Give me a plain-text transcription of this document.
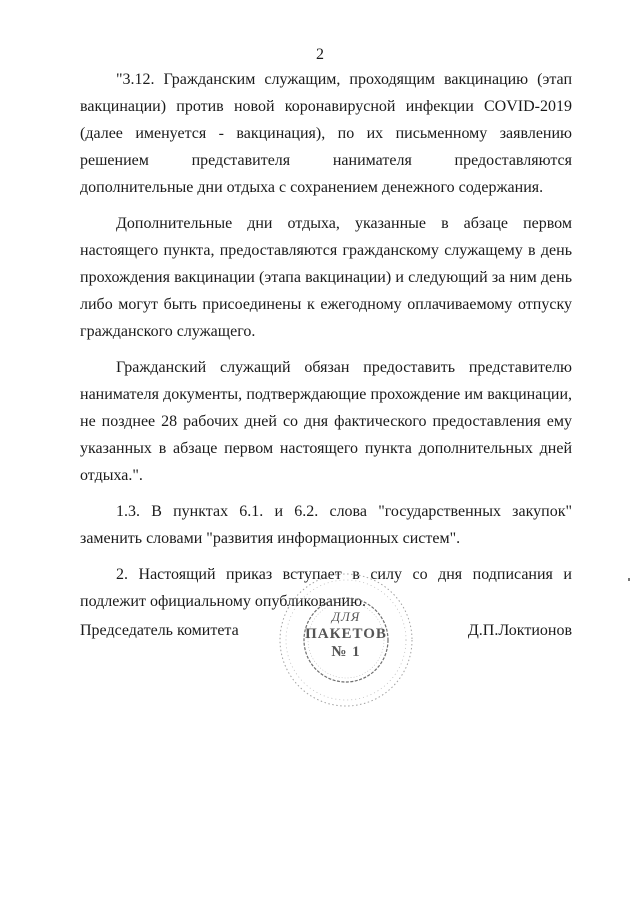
2

"3.12. Гражданским служащим, проходящим вакцинацию (этап вакцинации) против новой коронавирусной инфекции COVID-2019 (далее именуется - вакцинация), по их письменному заявлению решением представителя нанимателя предоставляются дополнительные дни отдыха с сохранением денежного содержания.

Дополнительные дни отдыха, указанные в абзаце первом настоящего пункта, предоставляются гражданскому служащему в день прохождения вакцинации (этапа вакцинации) и следующий за ним день либо могут быть присоединены к ежегодному оплачиваемому отпуску гражданского служащего.

Гражданский служащий обязан предоставить представителю нанимателя документы, подтверждающие прохождение им вакцинации, не позднее 28 рабочих дней со дня фактического предоставления ему указанных в абзаце первом настоящего пункта дополнительных дней отдыха.".

1.3. В пунктах 6.1. и 6.2. слова "государственных закупок" заменить словами "развития информационных систем".

2. Настоящий приказ вступает в силу со дня подписания и подлежит официальному опубликованию.

Председатель комитета	Д.П.Локтионов
ДЛЯ
ПАКЕТОВ
№ 1
